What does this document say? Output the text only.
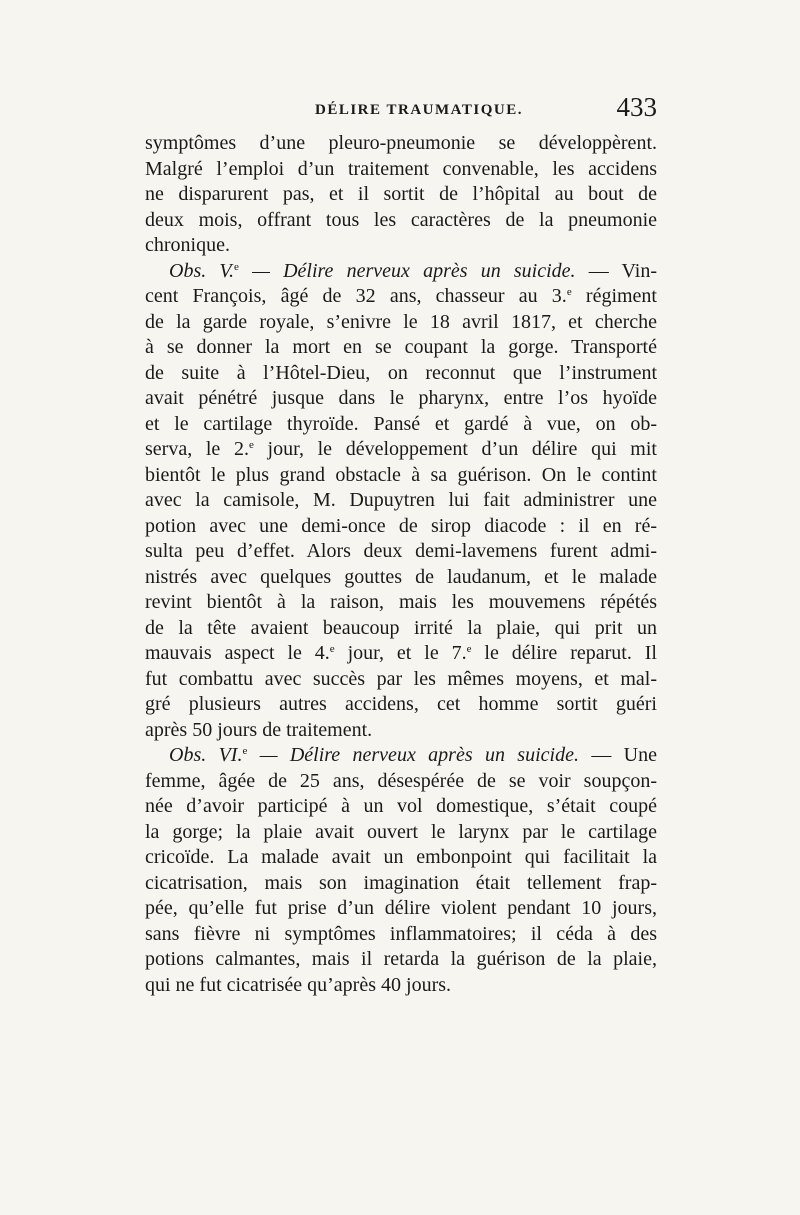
DÉLIRE TRAUMATIQUE.	433
symptômes d’une pleuro-pneumonie se développèrent.
Malgré l’emploi d’un traitement convenable, les accidens
ne disparurent pas, et il sortit de l’hôpital au bout de
deux mois, offrant tous les caractères de la pneumonie
chronique.
Obs. V.$^e$ — Délire nerveux après un suicide. — Vin-
cent François, âgé de 32 ans, chasseur au 3.$^e$ régiment
de la garde royale, s’enivre le 18 avril 1817, et cherche
à se donner la mort en se coupant la gorge. Transporté
de suite à l’Hôtel-Dieu, on reconnut que l’instrument
avait pénétré jusque dans le pharynx, entre l’os hyoïde
et le cartilage thyroïde. Pansé et gardé à vue, on ob-
serva, le 2.$^e$ jour, le développement d’un délire qui mit
bientôt le plus grand obstacle à sa guérison. On le contint
avec la camisole, M. Dupuytren lui fait administrer une
potion avec une demi-once de sirop diacode : il en ré-
sulta peu d’effet. Alors deux demi-lavemens furent admi-
nistrés avec quelques gouttes de laudanum, et le malade
revint bientôt à la raison, mais les mouvemens répétés
de la tête avaient beaucoup irrité la plaie, qui prit un
mauvais aspect le 4.$^e$ jour, et le 7.$^e$ le délire reparut. Il
fut combattu avec succès par les mêmes moyens, et mal-
gré plusieurs autres accidens, cet homme sortit guéri
après 50 jours de traitement.
Obs. VI.$^e$ — Délire nerveux après un suicide. — Une
femme, âgée de 25 ans, désespérée de se voir soupçon-
née d’avoir participé à un vol domestique, s’était coupé
la gorge; la plaie avait ouvert le larynx par le cartilage
cricoïde. La malade avait un embonpoint qui facilitait la
cicatrisation, mais son imagination était tellement frap-
pée, qu’elle fut prise d’un délire violent pendant 10 jours,
sans fièvre ni symptômes inflammatoires; il céda à des
potions calmantes, mais il retarda la guérison de la plaie,
qui ne fut cicatrisée qu’après 40 jours.
